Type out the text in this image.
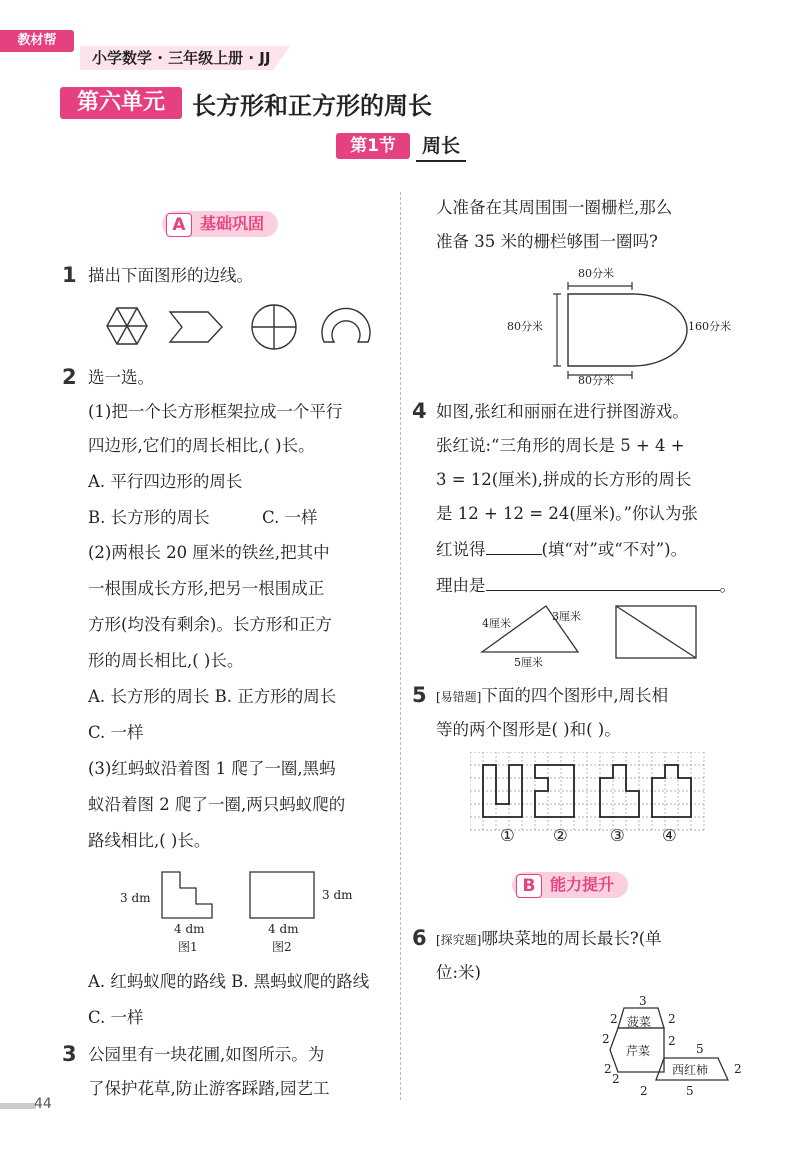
教材帮
小学数学 · 三年级上册 · JJ
第六单元	长方形和正方形的周长
第1节	周长
A 基础巩固
1 描出下面图形的边线。
2 选一选。
(1)把一个长方形框架拉成一个平行
四边形,它们的周长相比,( )长。
A. 平行四边形的周长
B. 长方形的周长	C. 一样
(2)两根长 20 厘米的铁丝,把其中
一根围成长方形,把另一根围成正
方形(均没有剩余)。长方形和正方
形的周长相比,( )长。
A. 长方形的周长 B. 正方形的周长
C. 一样
(3)红蚂蚁沿着图 1 爬了一圈,黑蚂
蚁沿着图 2 爬了一圈,两只蚂蚁爬的
路线相比,( )长。
3 dm
4 dm
图1
3 dm
4 dm
图2
A. 红蚂蚁爬的路线 B. 黑蚂蚁爬的路线
C. 一样
3 公园里有一块花圃,如图所示。为
了保护花草,防止游客踩踏,园艺工
人准备在其周围围一圈栅栏,那么
准备 35 米的栅栏够围一圈吗?
80分米
80分米	160分米
80分米
4 如图,张红和丽丽在进行拼图游戏。
张红说:“三角形的周长是 5 + 4 +
3 = 12(厘米),拼成的长方形的周长
是 12 + 12 = 24(厘米)。”你认为张
红说得	(填“对”或“不对”)。
理由是	。
4厘米
3厘米
5厘米
5 [易错题]下面的四个图形中,周长相
等的两个图形是( )和( )。
① ②	③ ④
B 能力提升
6 [探究题]哪块菜地的周长最长?(单
位:米)
3
2	2
菠菜
2	2
芹菜	5
2	西红柿 2
2
2	5
44
